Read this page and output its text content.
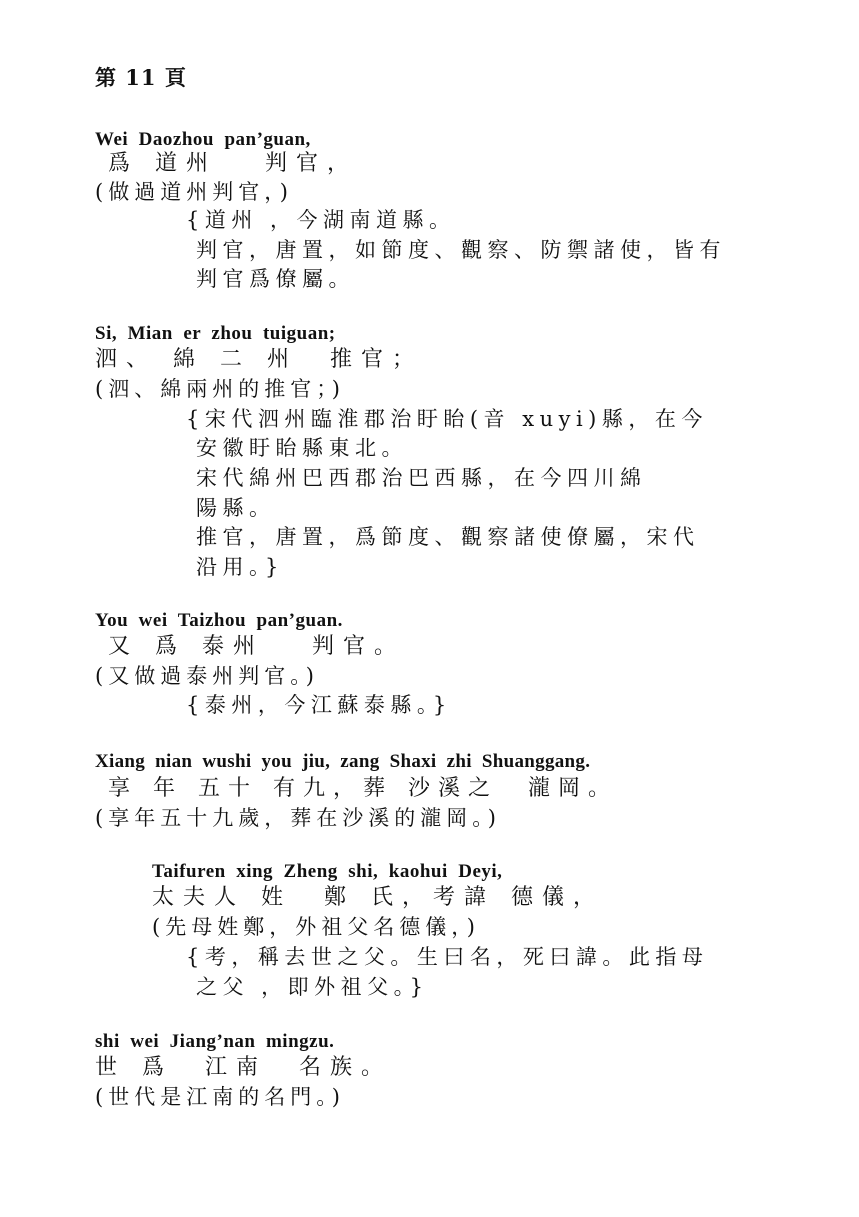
第 11 頁
Wei  Daozhou  pan’guan,
爲 道州   判官，
(做過道州判官，)
{道州 ，今湖南道縣。
判官，唐置，如節度、觀察、防禦諸使，皆有
判官爲僚屬。
Si,  Mian  er  zhou  tuiguan;
泗、 綿 二 州  推官；
(泗、綿兩州的推官；)
{宋代泗州臨淮郡治盱眙(音 xuyi)縣，在今
安徽盱眙縣東北。
宋代綿州巴西郡治巴西縣，在今四川綿
陽縣。
推官，唐置，爲節度、觀察諸使僚屬，宋代
沿用。}
You  wei  Taizhou  pan’guan.
又 爲 泰州   判官。
(又做過泰州判官。)
{泰州，今江蘇泰縣。}
Xiang  nian  wushi  you  jiu,  zang  Shaxi  zhi  Shuanggang.
享 年 五十 有九，葬 沙溪之  瀧岡。
(享年五十九歲，葬在沙溪的瀧岡。)
Taifuren  xing  Zheng  shi,  kaohui  Deyi,
太夫人 姓  鄭 氏，考諱 德儀，
(先母姓鄭，外祖父名德儀，)
{考，稱去世之父。生曰名，死曰諱。此指母
之父 ，即外祖父。}
shi  wei  Jiang’nan  mingzu.
世 爲  江南  名族。
(世代是江南的名門。)
